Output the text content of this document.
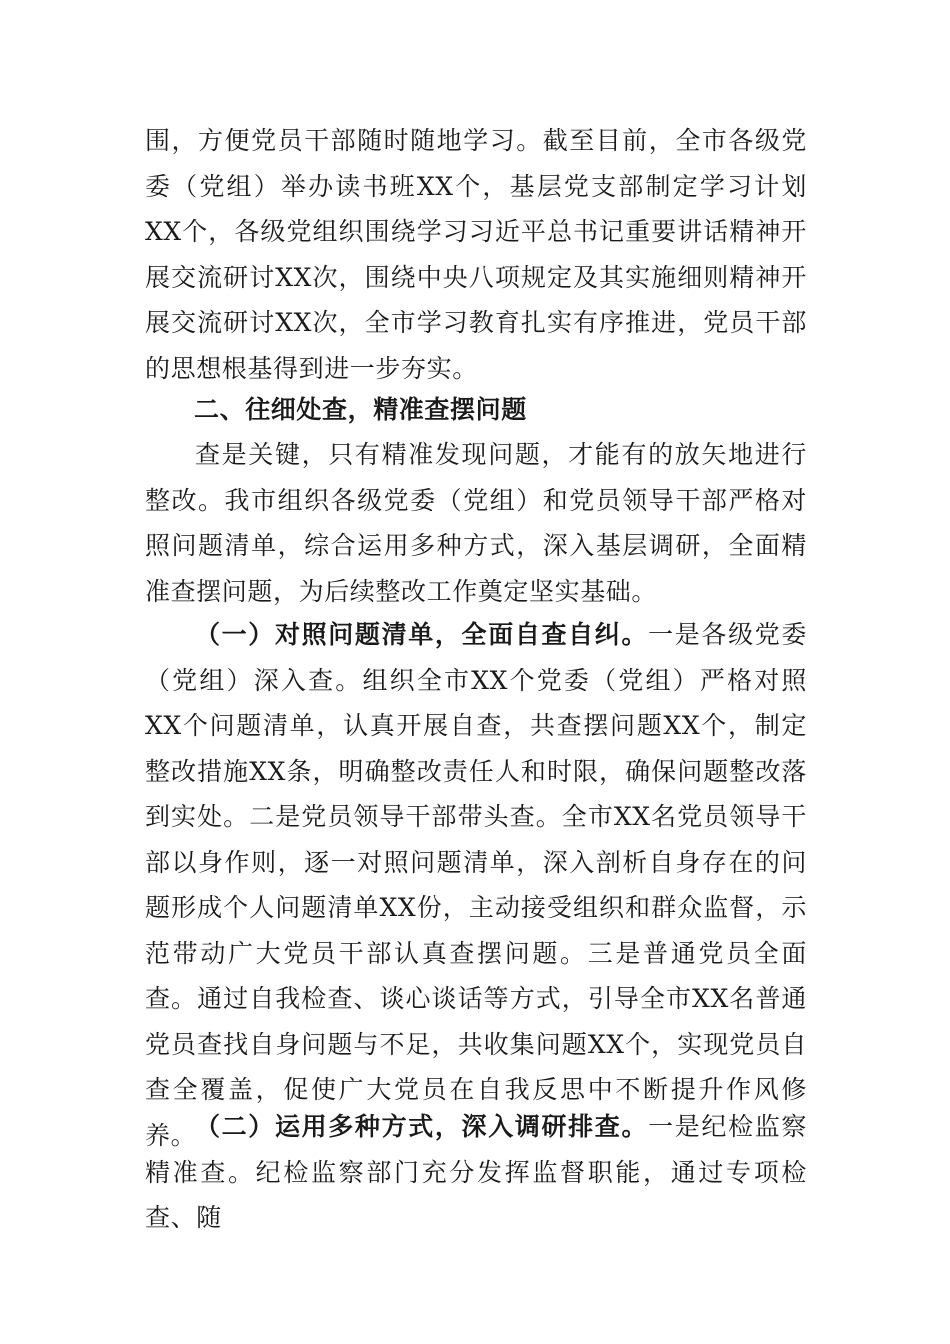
围，方便党员干部随时随地学习。截至目前，全市各级党委（党组）举办读书班XX个，基层党支部制定学习计划XX个，各级党组织围绕学习习近平总书记重要讲话精神开展交流研讨XX次，围绕中央八项规定及其实施细则精神开展交流研讨XX次，全市学习教育扎实有序推进，党员干部的思想根基得到进一步夯实。

二、往细处查，精准查摆问题

查是关键，只有精准发现问题，才能有的放矢地进行整改。我市组织各级党委（党组）和党员领导干部严格对照问题清单，综合运用多种方式，深入基层调研，全面精准查摆问题，为后续整改工作奠定坚实基础。

（一）对照问题清单，全面自查自纠。一是各级党委（党组）深入查。组织全市XX个党委（党组）严格对照XX个问题清单，认真开展自查，共查摆问题XX个，制定整改措施XX条，明确整改责任人和时限，确保问题整改落到实处。二是党员领导干部带头查。全市XX名党员领导干部以身作则，逐一对照问题清单，深入剖析自身存在的问题形成个人问题清单XX份，主动接受组织和群众监督，示范带动广大党员干部认真查摆问题。三是普通党员全面查。通过自我检查、谈心谈话等方式，引导全市XX名普通党员查找自身问题与不足，共收集问题XX个，实现党员自查全覆盖，促使广大党员在自我反思中不断提升作风修养。

（二）运用多种方式，深入调研排查。一是纪检监察精准查。纪检监察部门充分发挥监督职能，通过专项检查、随
